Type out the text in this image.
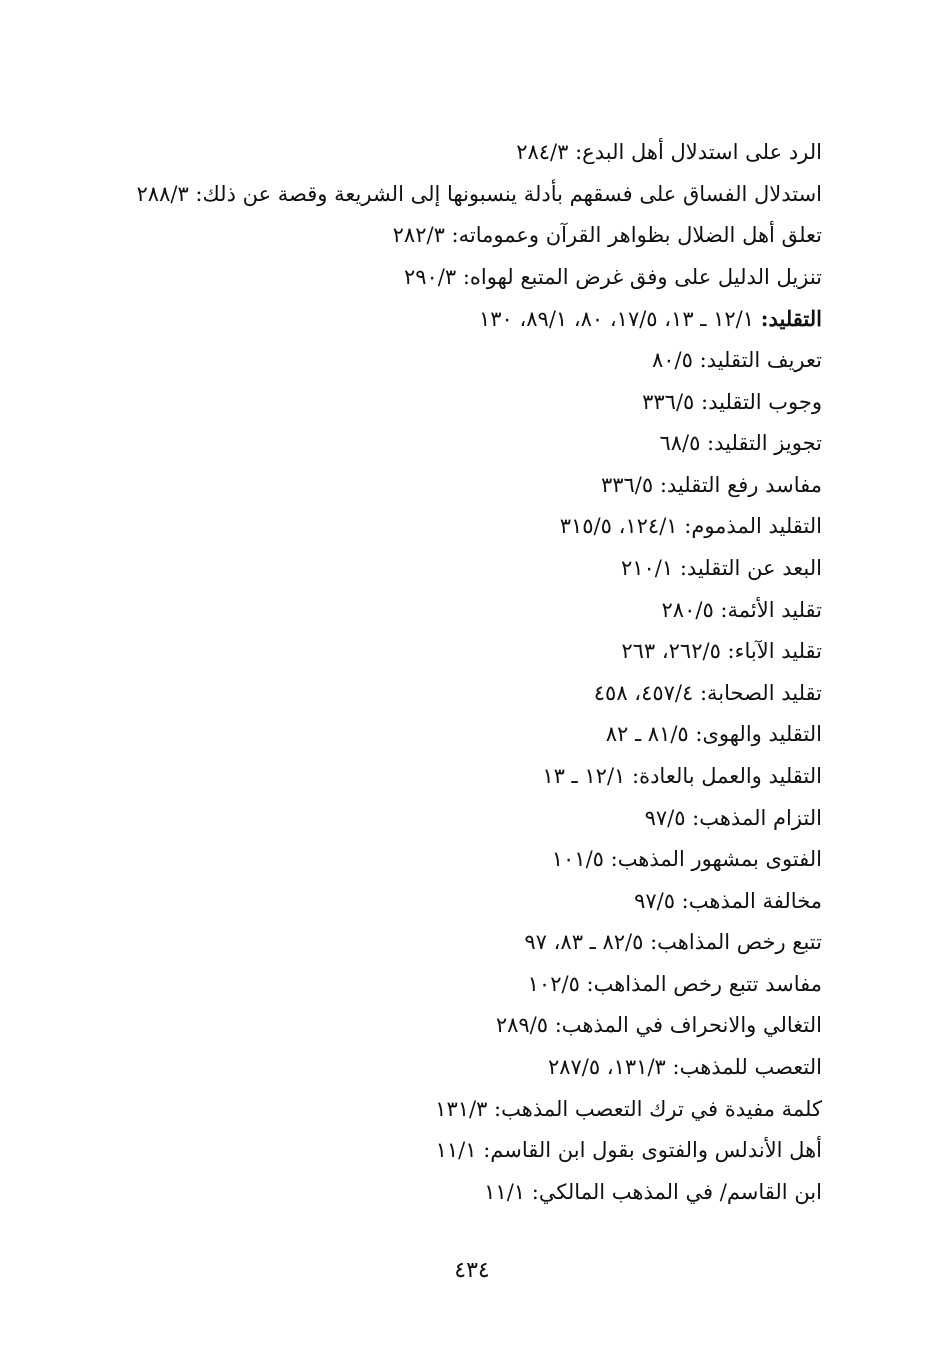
الرد على استدلال أهل البدع: ٢٨٤/٣
استدلال الفساق على فسقهم بأدلة ينسبونها إلى الشريعة وقصة عن ذلك: ٢٨٨/٣
تعلق أهل الضلال بظواهر القرآن وعموماته: ٢٨٢/٣
تنزيل الدليل على وفق غرض المتبع لهواه: ٢٩٠/٣
التقليد: ١٢/١ ـ ١٣، ١٧/٥، ٨٠، ٨٩/١، ١٣٠
تعريف التقليد: ٨٠/٥
وجوب التقليد: ٣٣٦/٥
تجويز التقليد: ٦٨/٥
مفاسد رفع التقليد: ٣٣٦/٥
التقليد المذموم: ١٢٤/١، ٣١٥/٥
البعد عن التقليد: ٢١٠/١
تقليد الأئمة: ٢٨٠/٥
تقليد الآباء: ٢٦٢/٥، ٢٦٣
تقليد الصحابة: ٤٥٧/٤، ٤٥٨
التقليد والهوى: ٨١/٥ ـ ٨٢
التقليد والعمل بالعادة: ١٢/١ ـ ١٣
التزام المذهب: ٩٧/٥
الفتوى بمشهور المذهب: ١٠١/٥
مخالفة المذهب: ٩٧/٥
تتبع رخص المذاهب: ٨٢/٥ ـ ٨٣، ٩٧
مفاسد تتبع رخص المذاهب: ١٠٢/٥
التغالي والانحراف في المذهب: ٢٨٩/٥
التعصب للمذهب: ١٣١/٣، ٢٨٧/٥
كلمة مفيدة في ترك التعصب المذهب: ١٣١/٣
أهل الأندلس والفتوى بقول ابن القاسم: ١١/١
ابن القاسم/ في المذهب المالكي: ١١/١
٤٣٤
